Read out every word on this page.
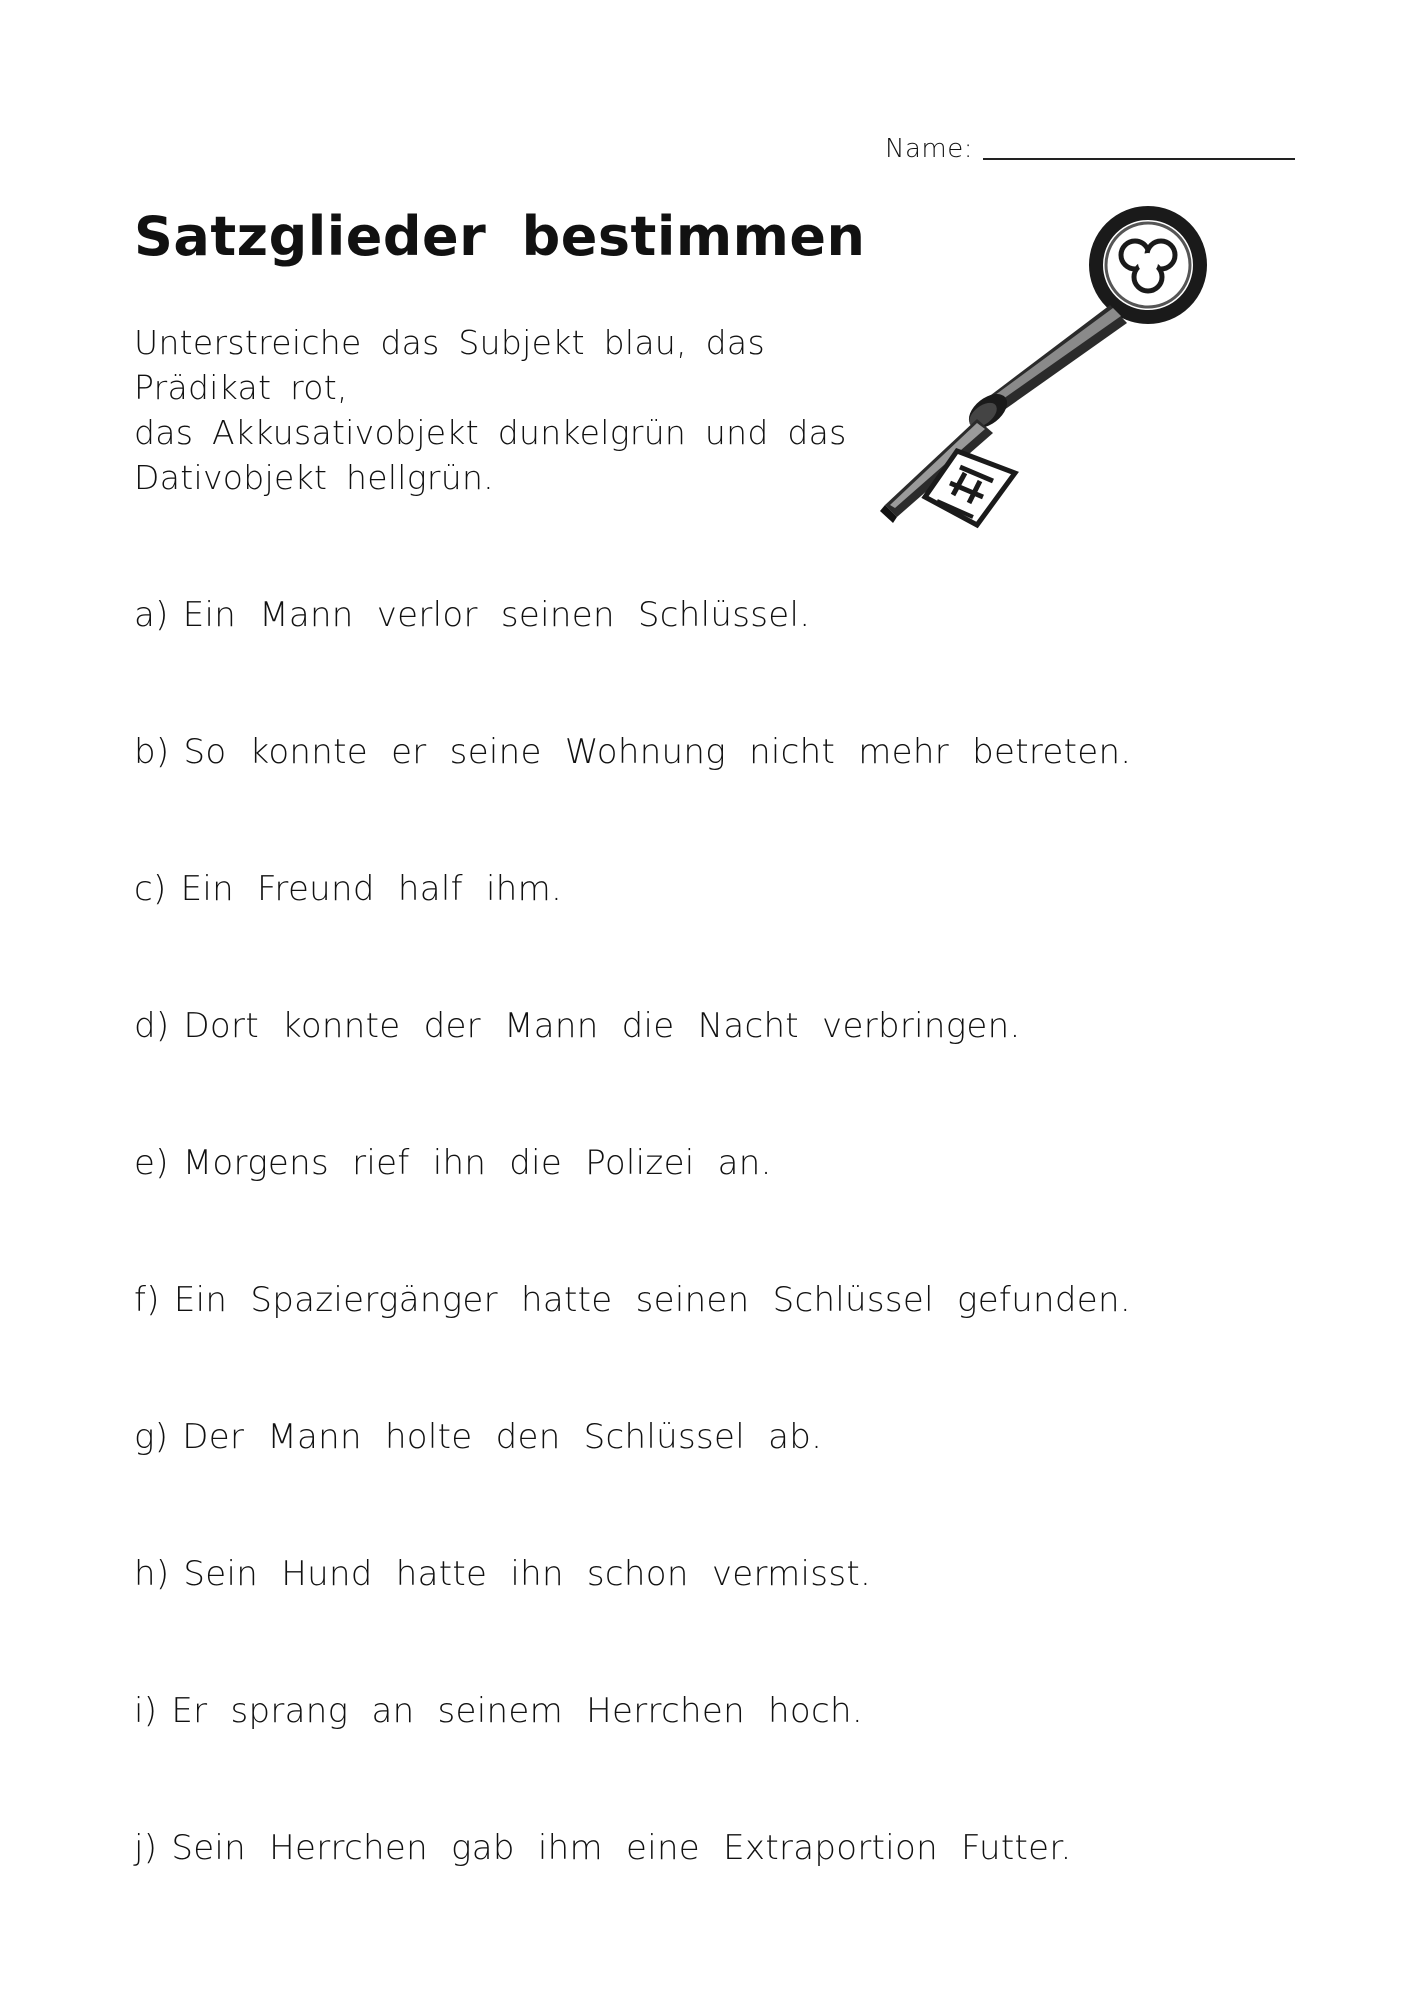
Name:
Satzglieder bestimmen
Unterstreiche das Subjekt blau, das
Prädikat rot,
das Akkusativobjekt dunkelgrün und das
Dativobjekt hellgrün.
a) Ein Mann verlor seinen Schlüssel.
b) So konnte er seine Wohnung nicht mehr betreten.
c) Ein Freund half ihm.
d) Dort konnte der Mann die Nacht verbringen.
e) Morgens rief ihn die Polizei an.
f) Ein Spaziergänger hatte seinen Schlüssel gefunden.
g) Der Mann holte den Schlüssel ab.
h) Sein Hund hatte ihn schon vermisst.
i) Er sprang an seinem Herrchen hoch.
j) Sein Herrchen gab ihm eine Extraportion Futter.
